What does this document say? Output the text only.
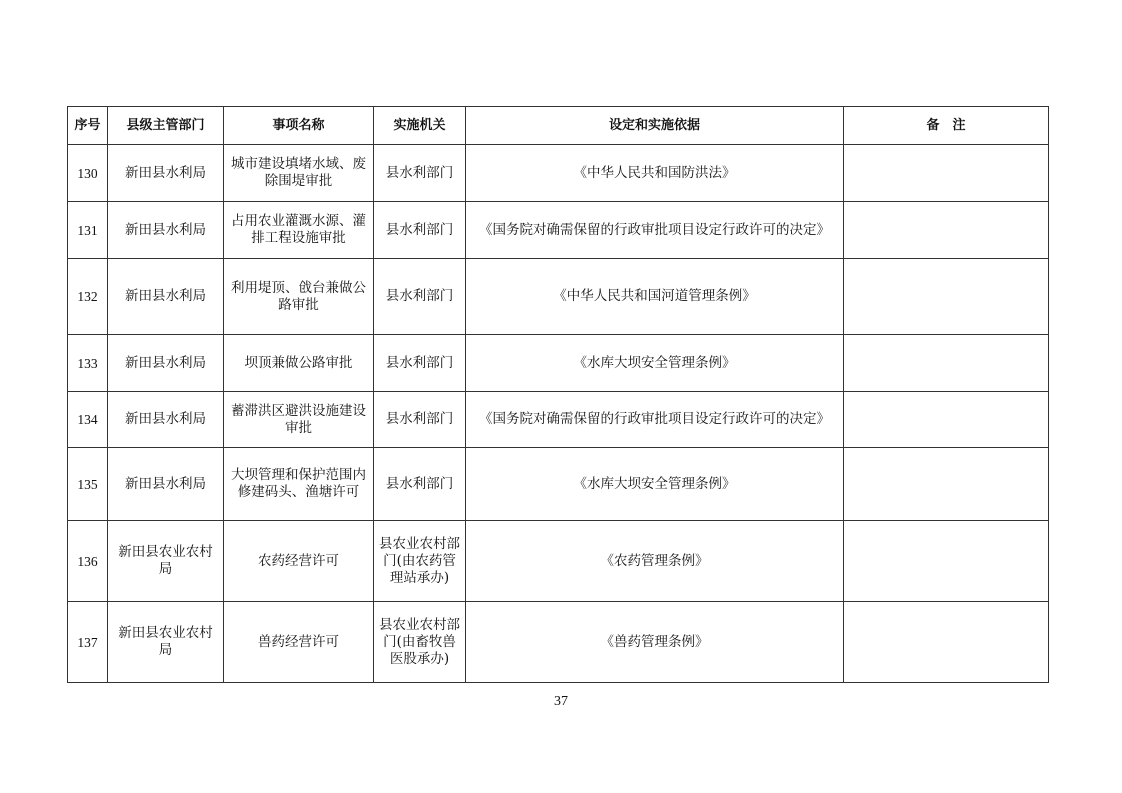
序号	县级主管部门	事项名称	实施机关	设定和实施依据	备　注
130	新田县水利局	城市建设填堵水域、废除围堤审批	县水利部门	《中华人民共和国防洪法》	
131	新田县水利局	占用农业灌溉水源、灌排工程设施审批	县水利部门	《国务院对确需保留的行政审批项目设定行政许可的决定》	
132	新田县水利局	利用堤顶、戗台兼做公路审批	县水利部门	《中华人民共和国河道管理条例》	
133	新田县水利局	坝顶兼做公路审批	县水利部门	《水库大坝安全管理条例》	
134	新田县水利局	蓄滞洪区避洪设施建设审批	县水利部门	《国务院对确需保留的行政审批项目设定行政许可的决定》	
135	新田县水利局	大坝管理和保护范围内修建码头、渔塘许可	县水利部门	《水库大坝安全管理条例》	
136	新田县农业农村局	农药经营许可	县农业农村部门(由农药管理站承办)	《农药管理条例》	
137	新田县农业农村局	兽药经营许可	县农业农村部门(由畜牧兽医股承办)	《兽药管理条例》	
37
